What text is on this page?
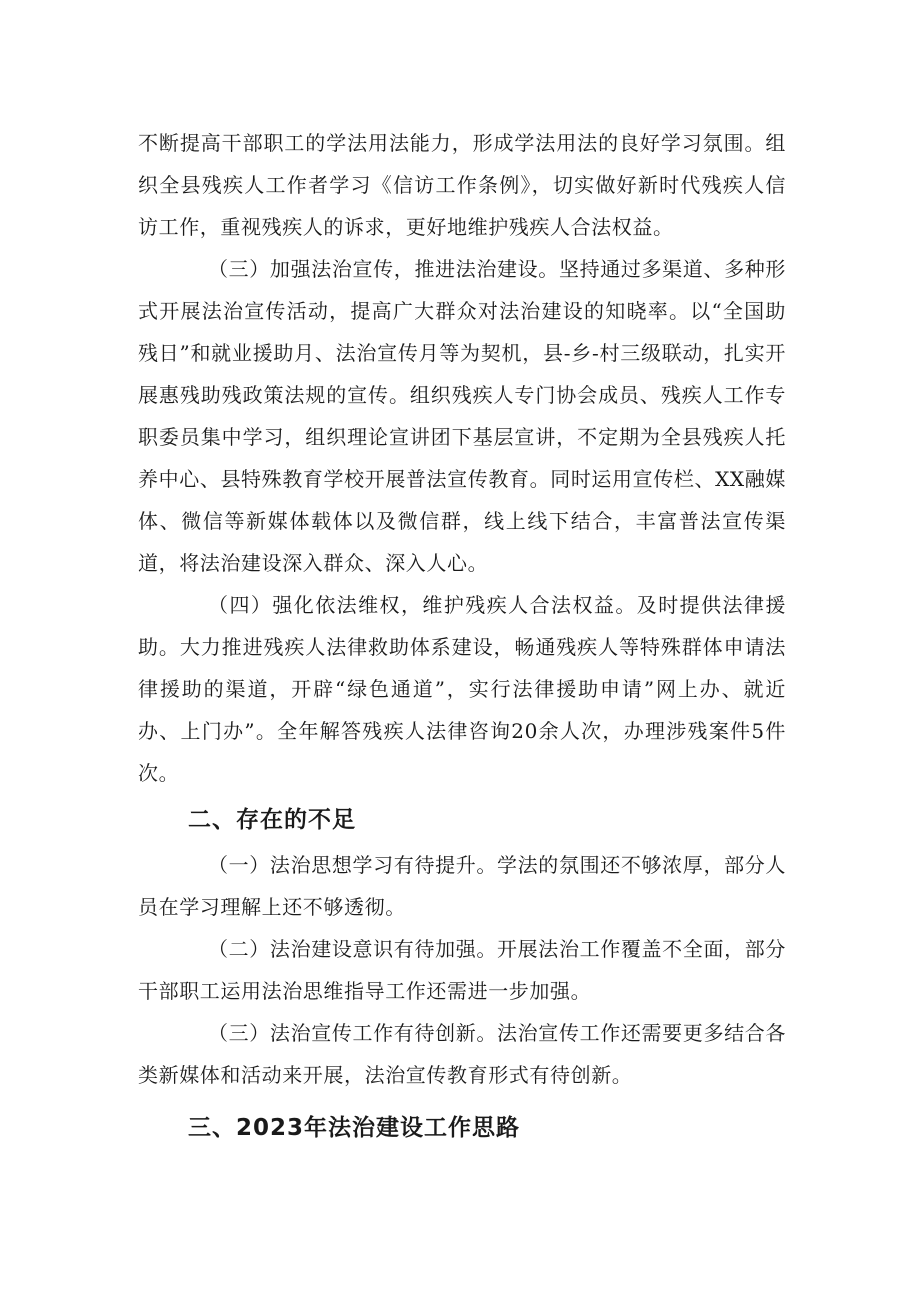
不断提高干部职工的学法用法能力，形成学法用法的良好学习氛围。组织全县残疾人工作者学习《信访工作条例》，切实做好新时代残疾人信访工作，重视残疾人的诉求，更好地维护残疾人合法权益。

（三）加强法治宣传，推进法治建设。坚持通过多渠道、多种形式开展法治宣传活动，提高广大群众对法治建设的知晓率。以“全国助残日”和就业援助月、法治宣传月等为契机，县-乡-村三级联动，扎实开展惠残助残政策法规的宣传。组织残疾人专门协会成员、残疾人工作专职委员集中学习，组织理论宣讲团下基层宣讲，不定期为全县残疾人托养中心、县特殊教育学校开展普法宣传教育。同时运用宣传栏、XX融媒体、微信等新媒体载体以及微信群，线上线下结合，丰富普法宣传渠道，将法治建设深入群众、深入人心。

（四）强化依法维权，维护残疾人合法权益。及时提供法律援助。大力推进残疾人法律救助体系建设，畅通残疾人等特殊群体申请法律援助的渠道，开辟“绿色通道”，实行法律援助申请”网上办、就近办、上门办”。全年解答残疾人法律咨询20余人次，办理涉残案件5件次。

二、存在的不足

（一）法治思想学习有待提升。学法的氛围还不够浓厚，部分人员在学习理解上还不够透彻。

（二）法治建设意识有待加强。开展法治工作覆盖不全面，部分干部职工运用法治思维指导工作还需进一步加强。

（三）法治宣传工作有待创新。法治宣传工作还需要更多结合各类新媒体和活动来开展，法治宣传教育形式有待创新。

三、2023年法治建设工作思路
